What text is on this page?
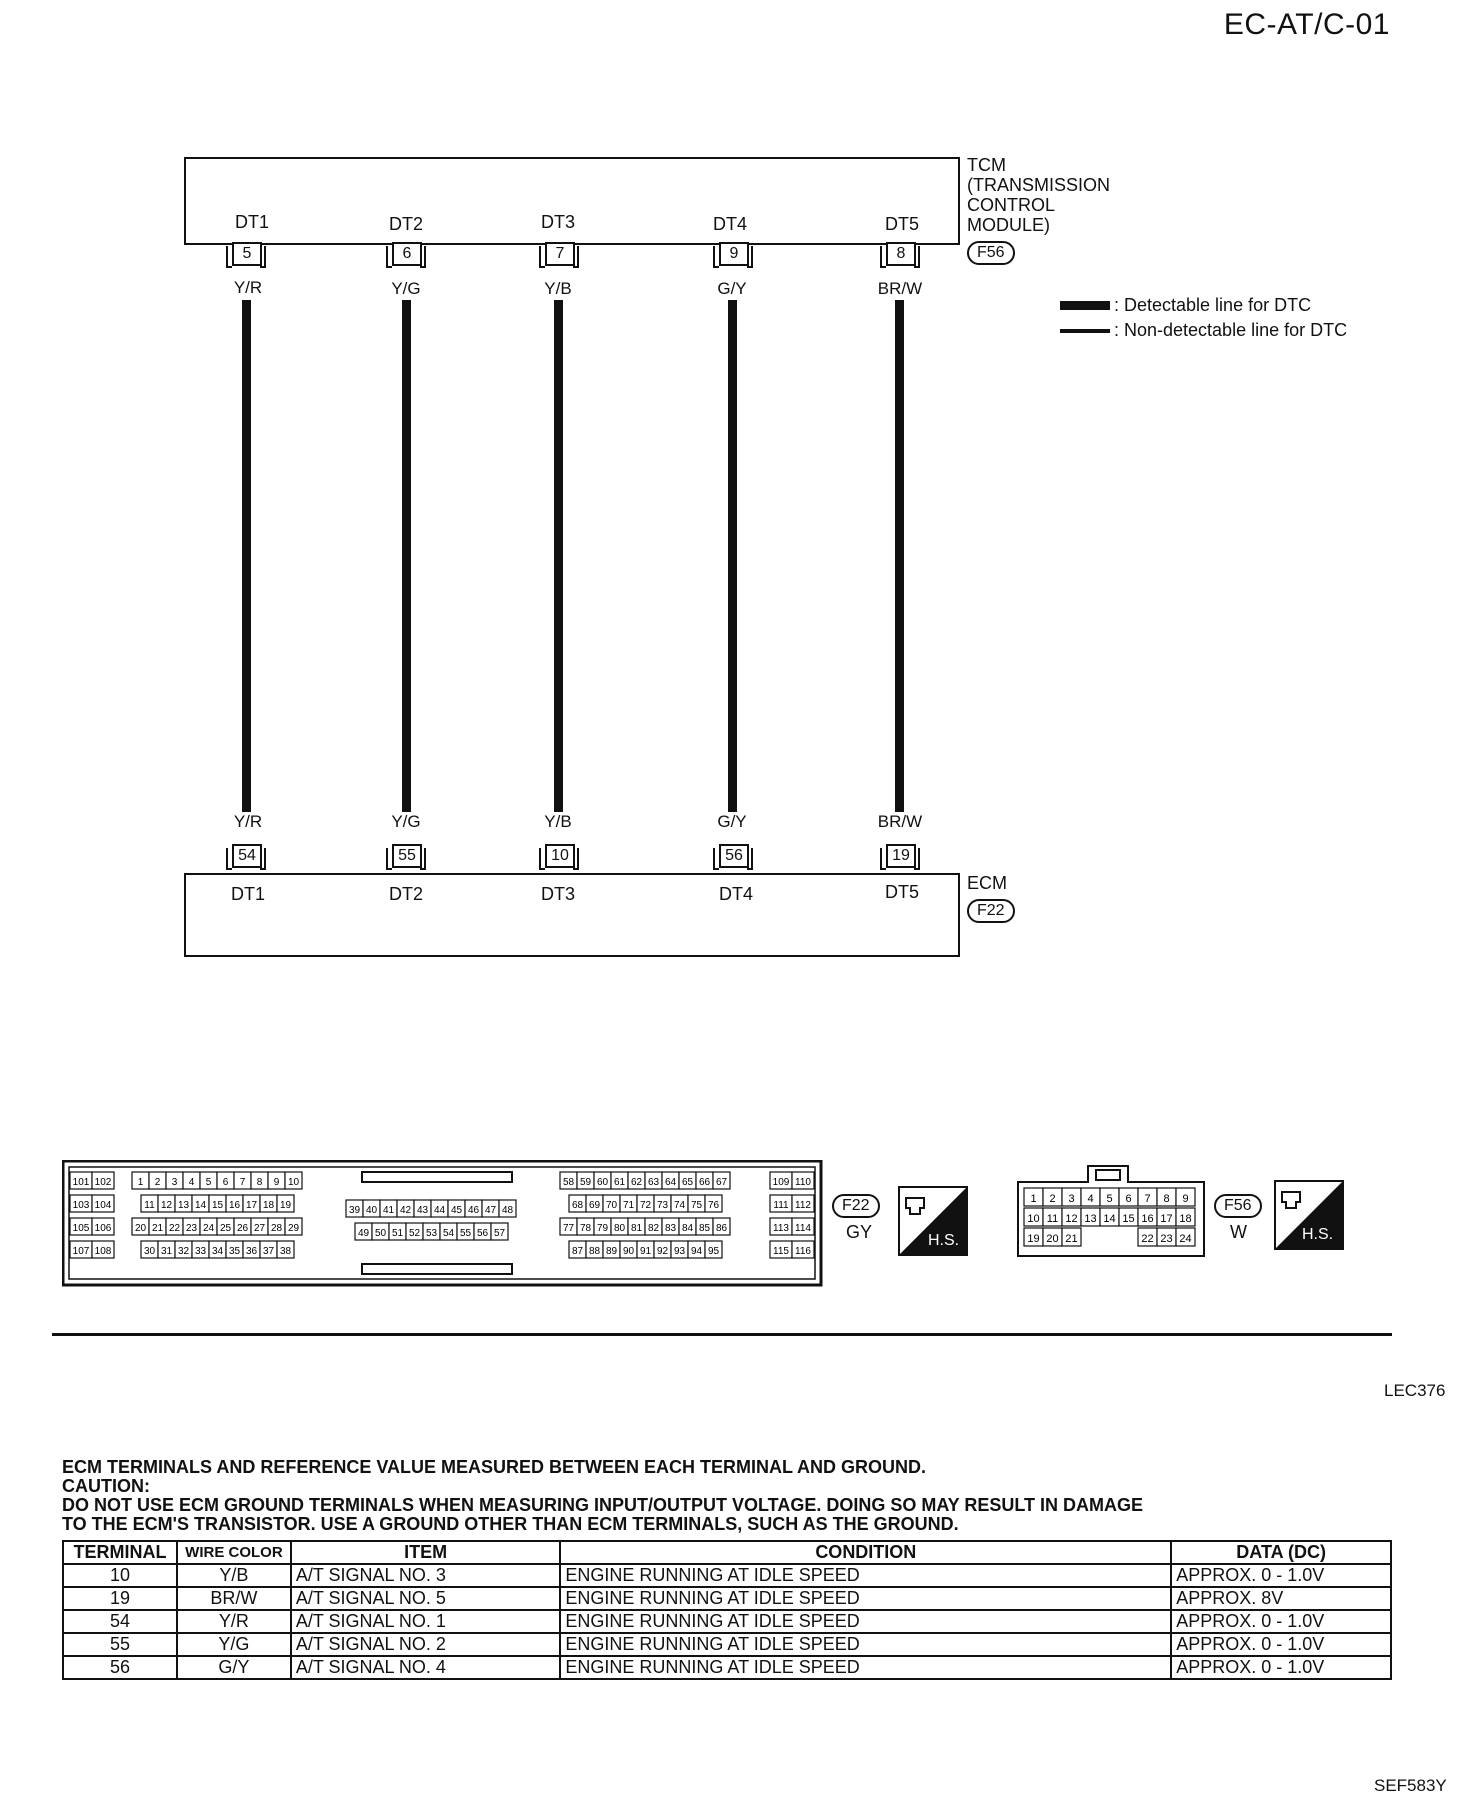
EC-AT/C-01
TCM
(TRANSMISSION
CONTROL
MODULE)
F56
DT1	DT2	DT3	DT4	DT5
5	6	7	9	8
Y/R	Y/G	Y/B	G/Y	BR/W
Y/R	Y/G	Y/B	G/Y	BR/W
54	55	10	56	19
DT1	DT2	DT3	DT4	DT5	ECM
F22
: Detectable line for DTC
: Non-detectable line for DTC
101 102
103 104
105 106
107 108
1 2 3 4 5 6 7 8 9 10
11 12 13 14 15 16 17 18 19
20 21 22 23 24 25 26 27 28 29
30 31 32 33 34 35 36 37 38
39 40 41 42 43 44 45 46 47 48
49 50 51 52 53 54 55 56 57
58 59 60 61 62 63 64 65 66 67
68 69 70 71 72 73 74 75 76
77 78 79 80 81 82 83 84 85 86
87 88 89 90 91 92 93 94 95
109 110
111 112
113 114
115 116
F22
GY	H.S.
1 2 3 4 5 6 7 8 9
10 11 12 13 14 15 16 17 18
19 20 21	22 23 24
F56
W	H.S.
LEC376
SEF583Y
ECM TERMINALS AND REFERENCE VALUE MEASURED BETWEEN EACH TERMINAL AND GROUND.
CAUTION:
DO NOT USE ECM GROUND TERMINALS WHEN MEASURING INPUT/OUTPUT VOLTAGE. DOING SO MAY RESULT IN DAMAGE
TO THE ECM'S TRANSISTOR. USE A GROUND OTHER THAN ECM TERMINALS, SUCH AS THE GROUND.
TERMINAL	WIRE COLOR	ITEM	CONDITION	DATA (DC)
10	Y/B	A/T SIGNAL NO. 3	ENGINE RUNNING AT IDLE SPEED	APPROX. 0 - 1.0V
19	BR/W	A/T SIGNAL NO. 5	ENGINE RUNNING AT IDLE SPEED	APPROX. 8V
54	Y/R	A/T SIGNAL NO. 1	ENGINE RUNNING AT IDLE SPEED	APPROX. 0 - 1.0V
55	Y/G	A/T SIGNAL NO. 2	ENGINE RUNNING AT IDLE SPEED	APPROX. 0 - 1.0V
56	G/Y	A/T SIGNAL NO. 4	ENGINE RUNNING AT IDLE SPEED	APPROX. 0 - 1.0V
